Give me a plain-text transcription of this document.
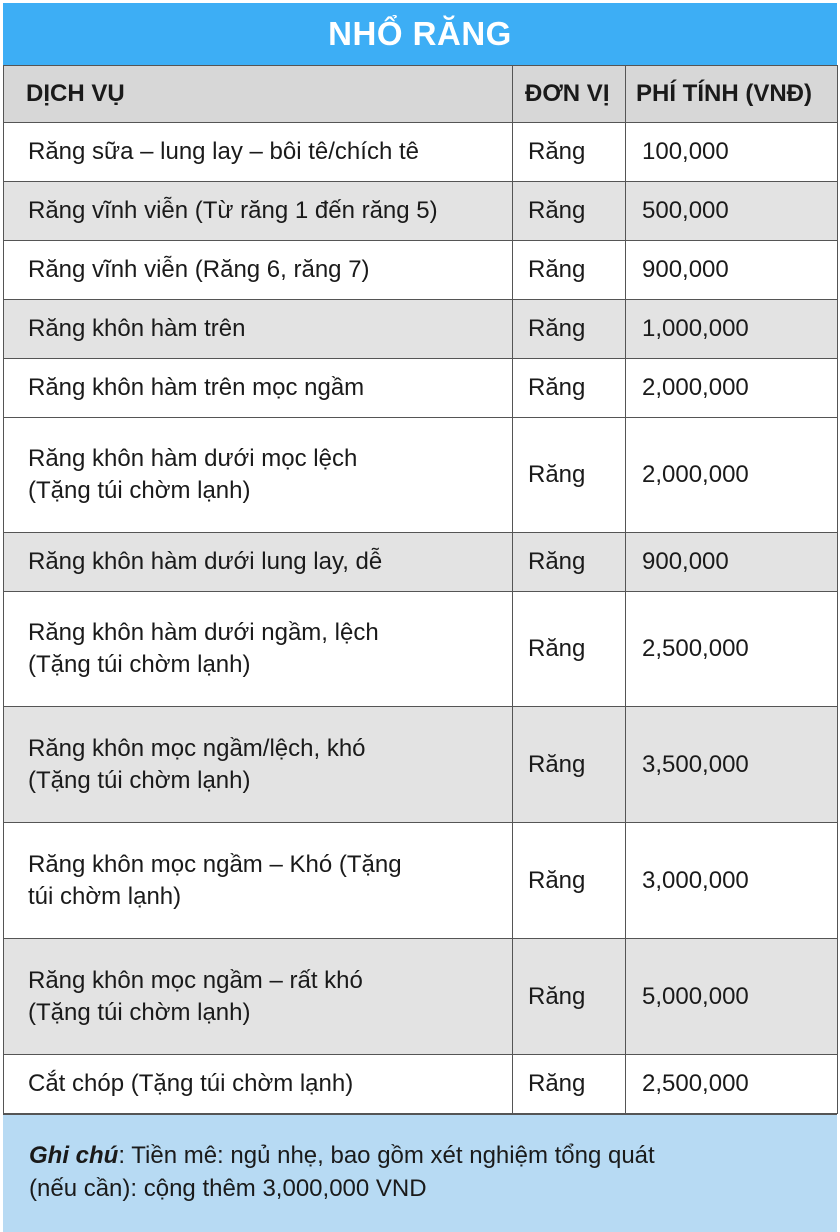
NHỔ RĂNG
DỊCH VỤ	ĐƠN VỊ	PHÍ TÍNH (VNĐ)
Răng sữa – lung lay – bôi tê/chích tê	Răng	100,000
Răng vĩnh viễn (Từ răng 1 đến răng 5)	Răng	500,000
Răng vĩnh viễn (Răng 6, răng 7)	Răng	900,000
Răng khôn hàm trên	Răng	1,000,000
Răng khôn hàm trên mọc ngầm	Răng	2,000,000
Răng khôn hàm dưới mọc lệch
(Tặng túi chờm lạnh)	Răng	2,000,000
Răng khôn hàm dưới lung lay, dễ	Răng	900,000
Răng khôn hàm dưới ngầm, lệch
(Tặng túi chờm lạnh)	Răng	2,500,000
Răng khôn mọc ngầm/lệch, khó
(Tặng túi chờm lạnh)	Răng	3,500,000
Răng khôn mọc ngầm – Khó (Tặng
túi chờm lạnh)	Răng	3,000,000
Răng khôn mọc ngầm – rất khó
(Tặng túi chờm lạnh)	Răng	5,000,000
Cắt chóp (Tặng túi chờm lạnh)	Răng	2,500,000
Ghi chú: Tiền mê: ngủ nhẹ, bao gồm xét nghiệm tổng quát
(nếu cần): cộng thêm 3,000,000 VND
